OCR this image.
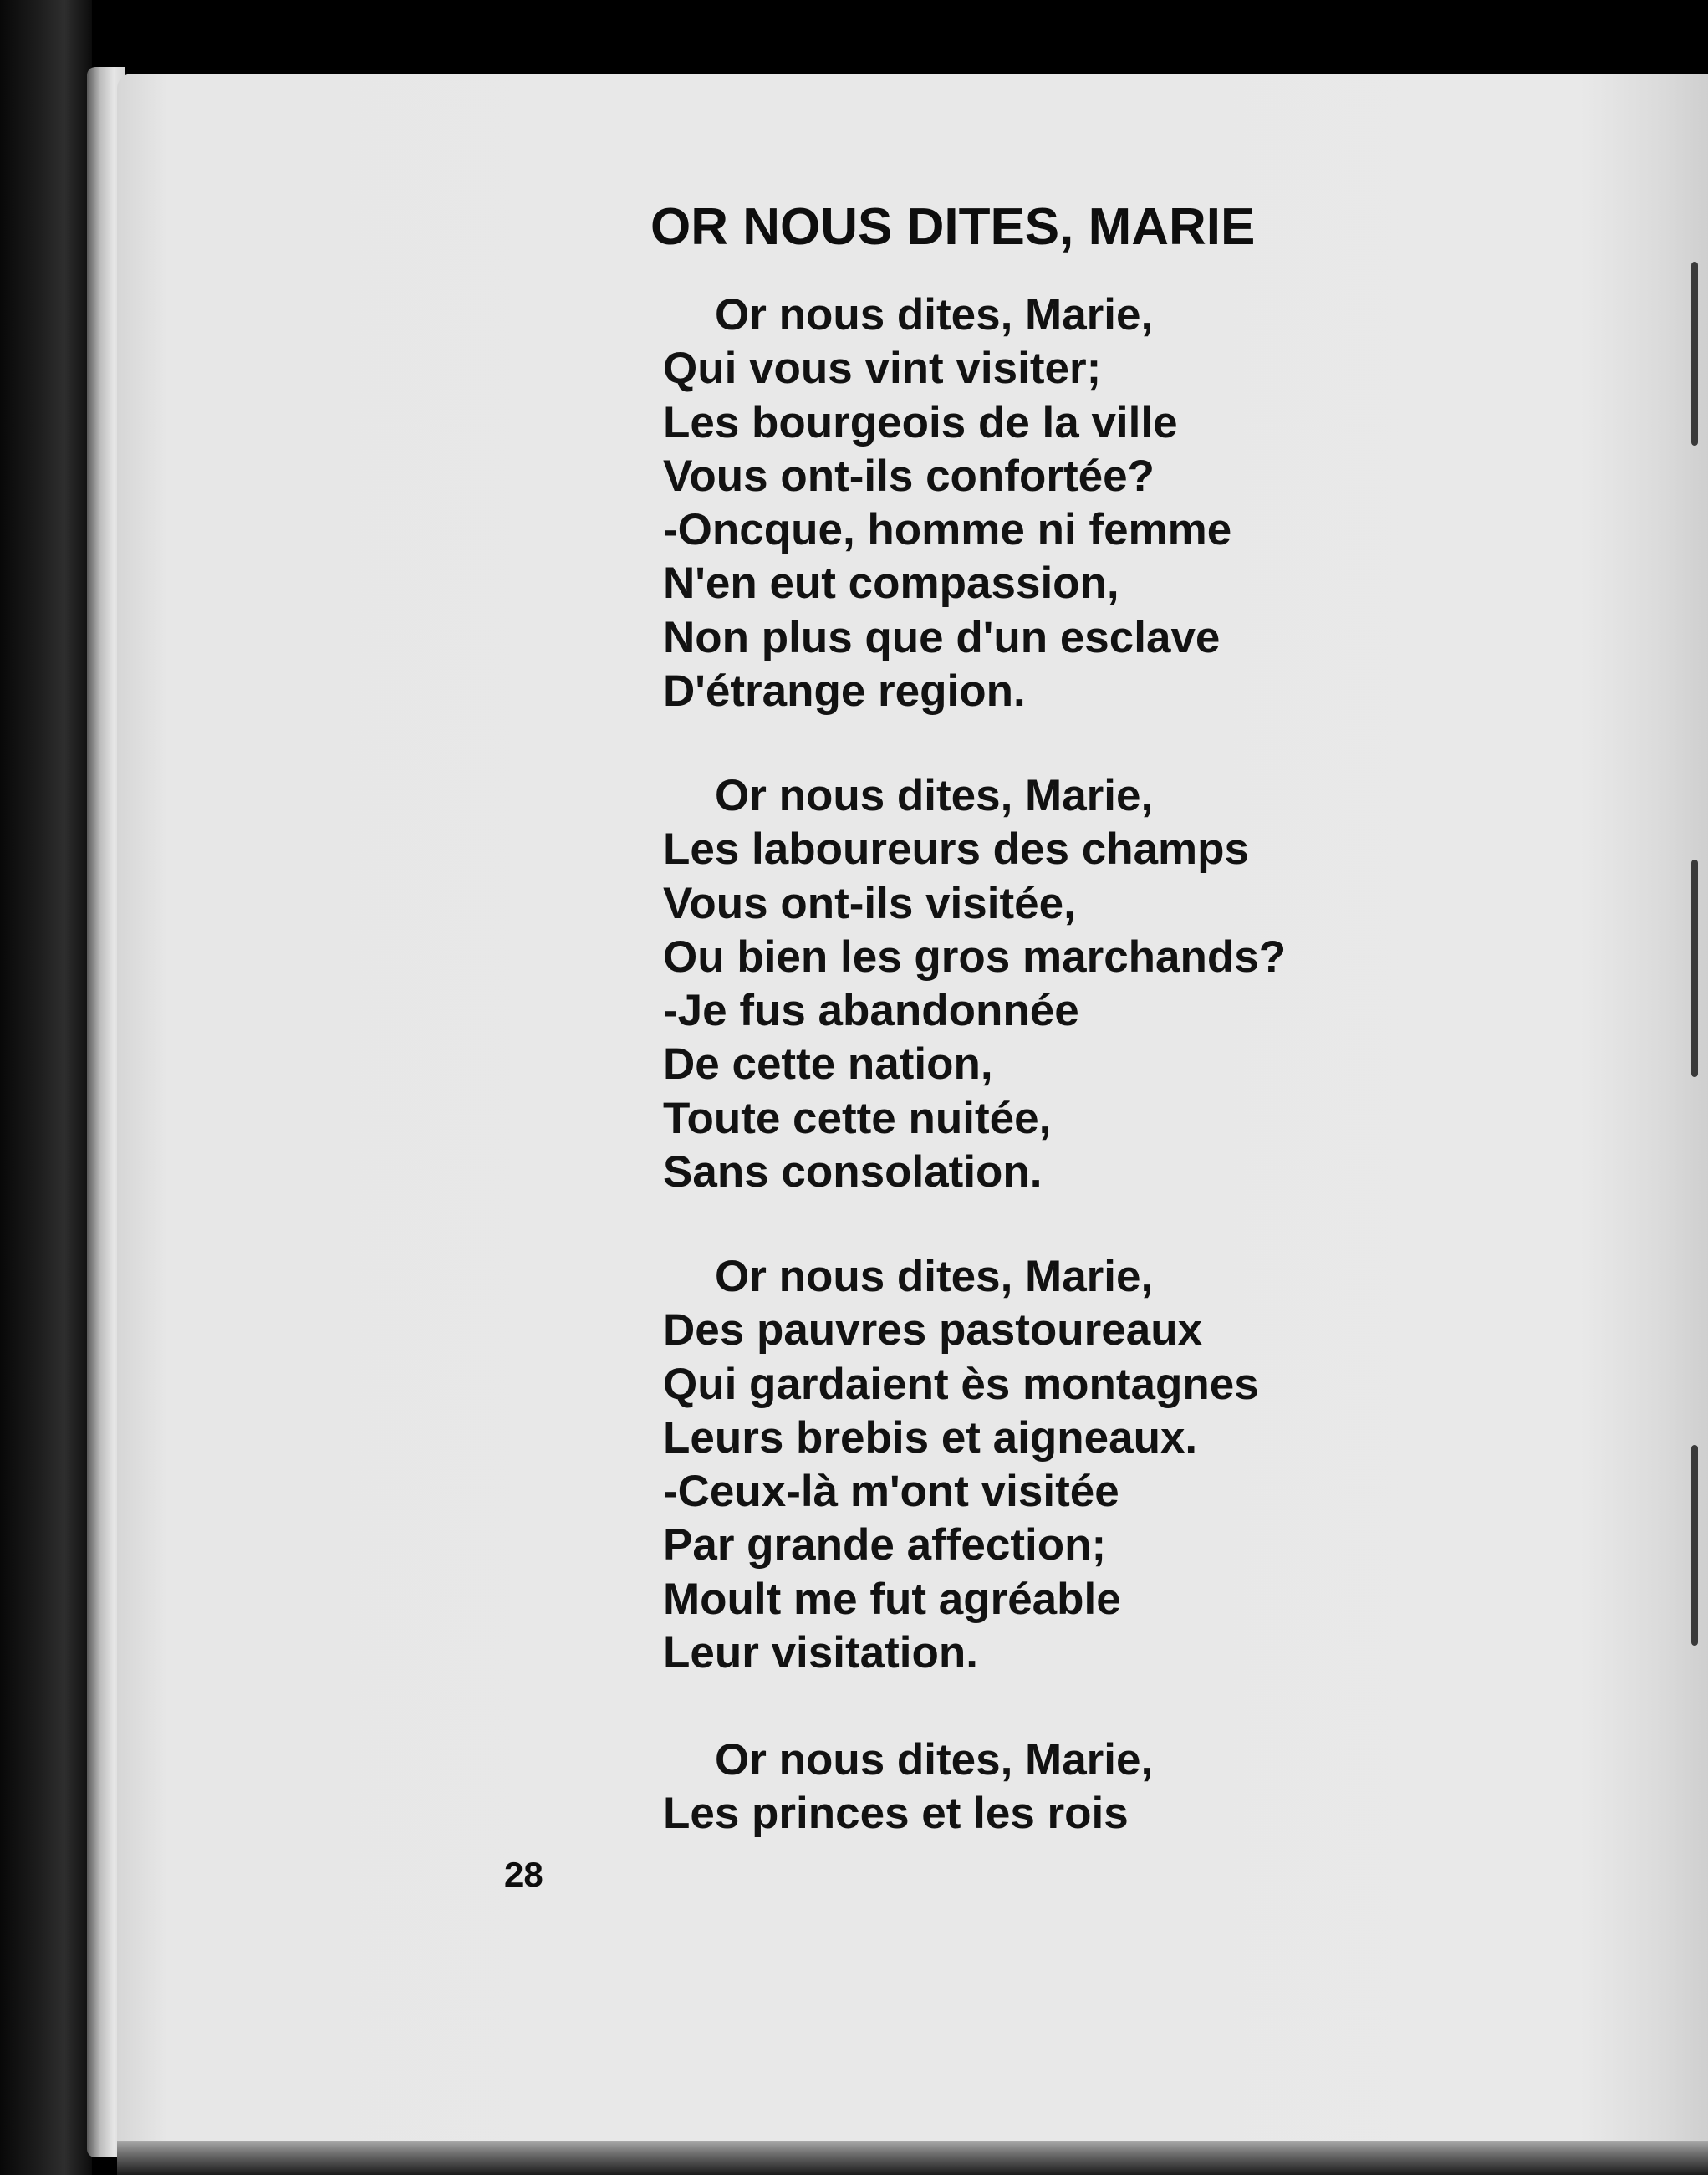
OR NOUS DITES, MARIE
Or nous dites, Marie,
Qui vous vint visiter;
Les bourgeois de la ville
Vous ont-ils confortée?
-Oncque, homme ni femme
N'en eut compassion,
Non plus que d'un esclave
D'étrange region.
Or nous dites, Marie,
Les laboureurs des champs
Vous ont-ils visitée,
Ou bien les gros marchands?
-Je fus abandonnée
De cette nation,
Toute cette nuitée,
Sans consolation.
Or nous dites, Marie,
Des pauvres pastoureaux
Qui gardaient ès montagnes
Leurs brebis et aigneaux.
-Ceux-là m'ont visitée
Par grande affection;
Moult me fut agréable
Leur visitation.
Or nous dites, Marie,
Les princes et les rois
28
